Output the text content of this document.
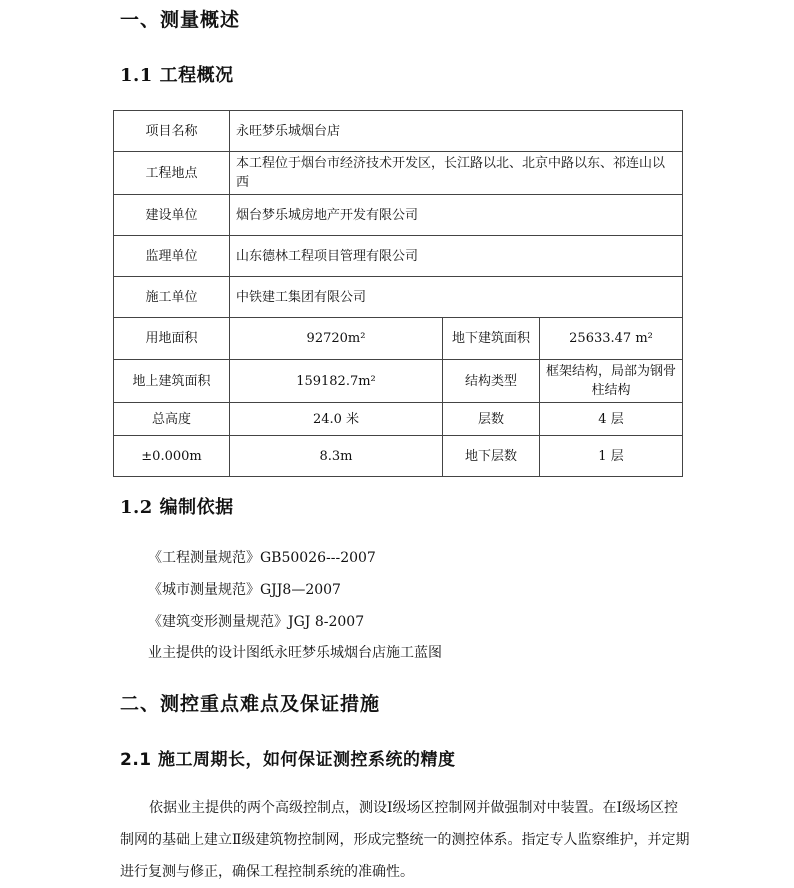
一、测量概述
1.1 工程概况
项目名称	永旺梦乐城烟台店		
工程地点	本工程位于烟台市经济技术开发区，长江路以北、北京中路以东、祁连山以西		
建设单位	烟台梦乐城房地产开发有限公司		
监理单位	山东德林工程项目管理有限公司		
施工单位	中铁建工集团有限公司		
用地面积	92720m²	地下建筑面积	25633.47 m²
地上建筑面积	159182.7m²	结构类型	框架结构，局部为钢骨柱结构
总高度	24.0 米	层数	4 层
±0.000m	8.3m	地下层数	1 层
1.2 编制依据

《工程测量规范》GB50026---2007

《城市测量规范》GJJ8—2007

《建筑变形测量规范》JGJ 8-2007

业主提供的设计图纸永旺梦乐城烟台店施工蓝图

二、测控重点难点及保证措施
2.1 施工周期长，如何保证测控系统的精度

依据业主提供的两个高级控制点，测设Ⅰ级场区控制网并做强制对中装置。在Ⅰ级场区控制网的基础上建立Ⅱ级建筑物控制网，形成完整统一的测控体系。指定专人监察维护，并定期进行复测与修正，确保工程控制系统的准确性。
